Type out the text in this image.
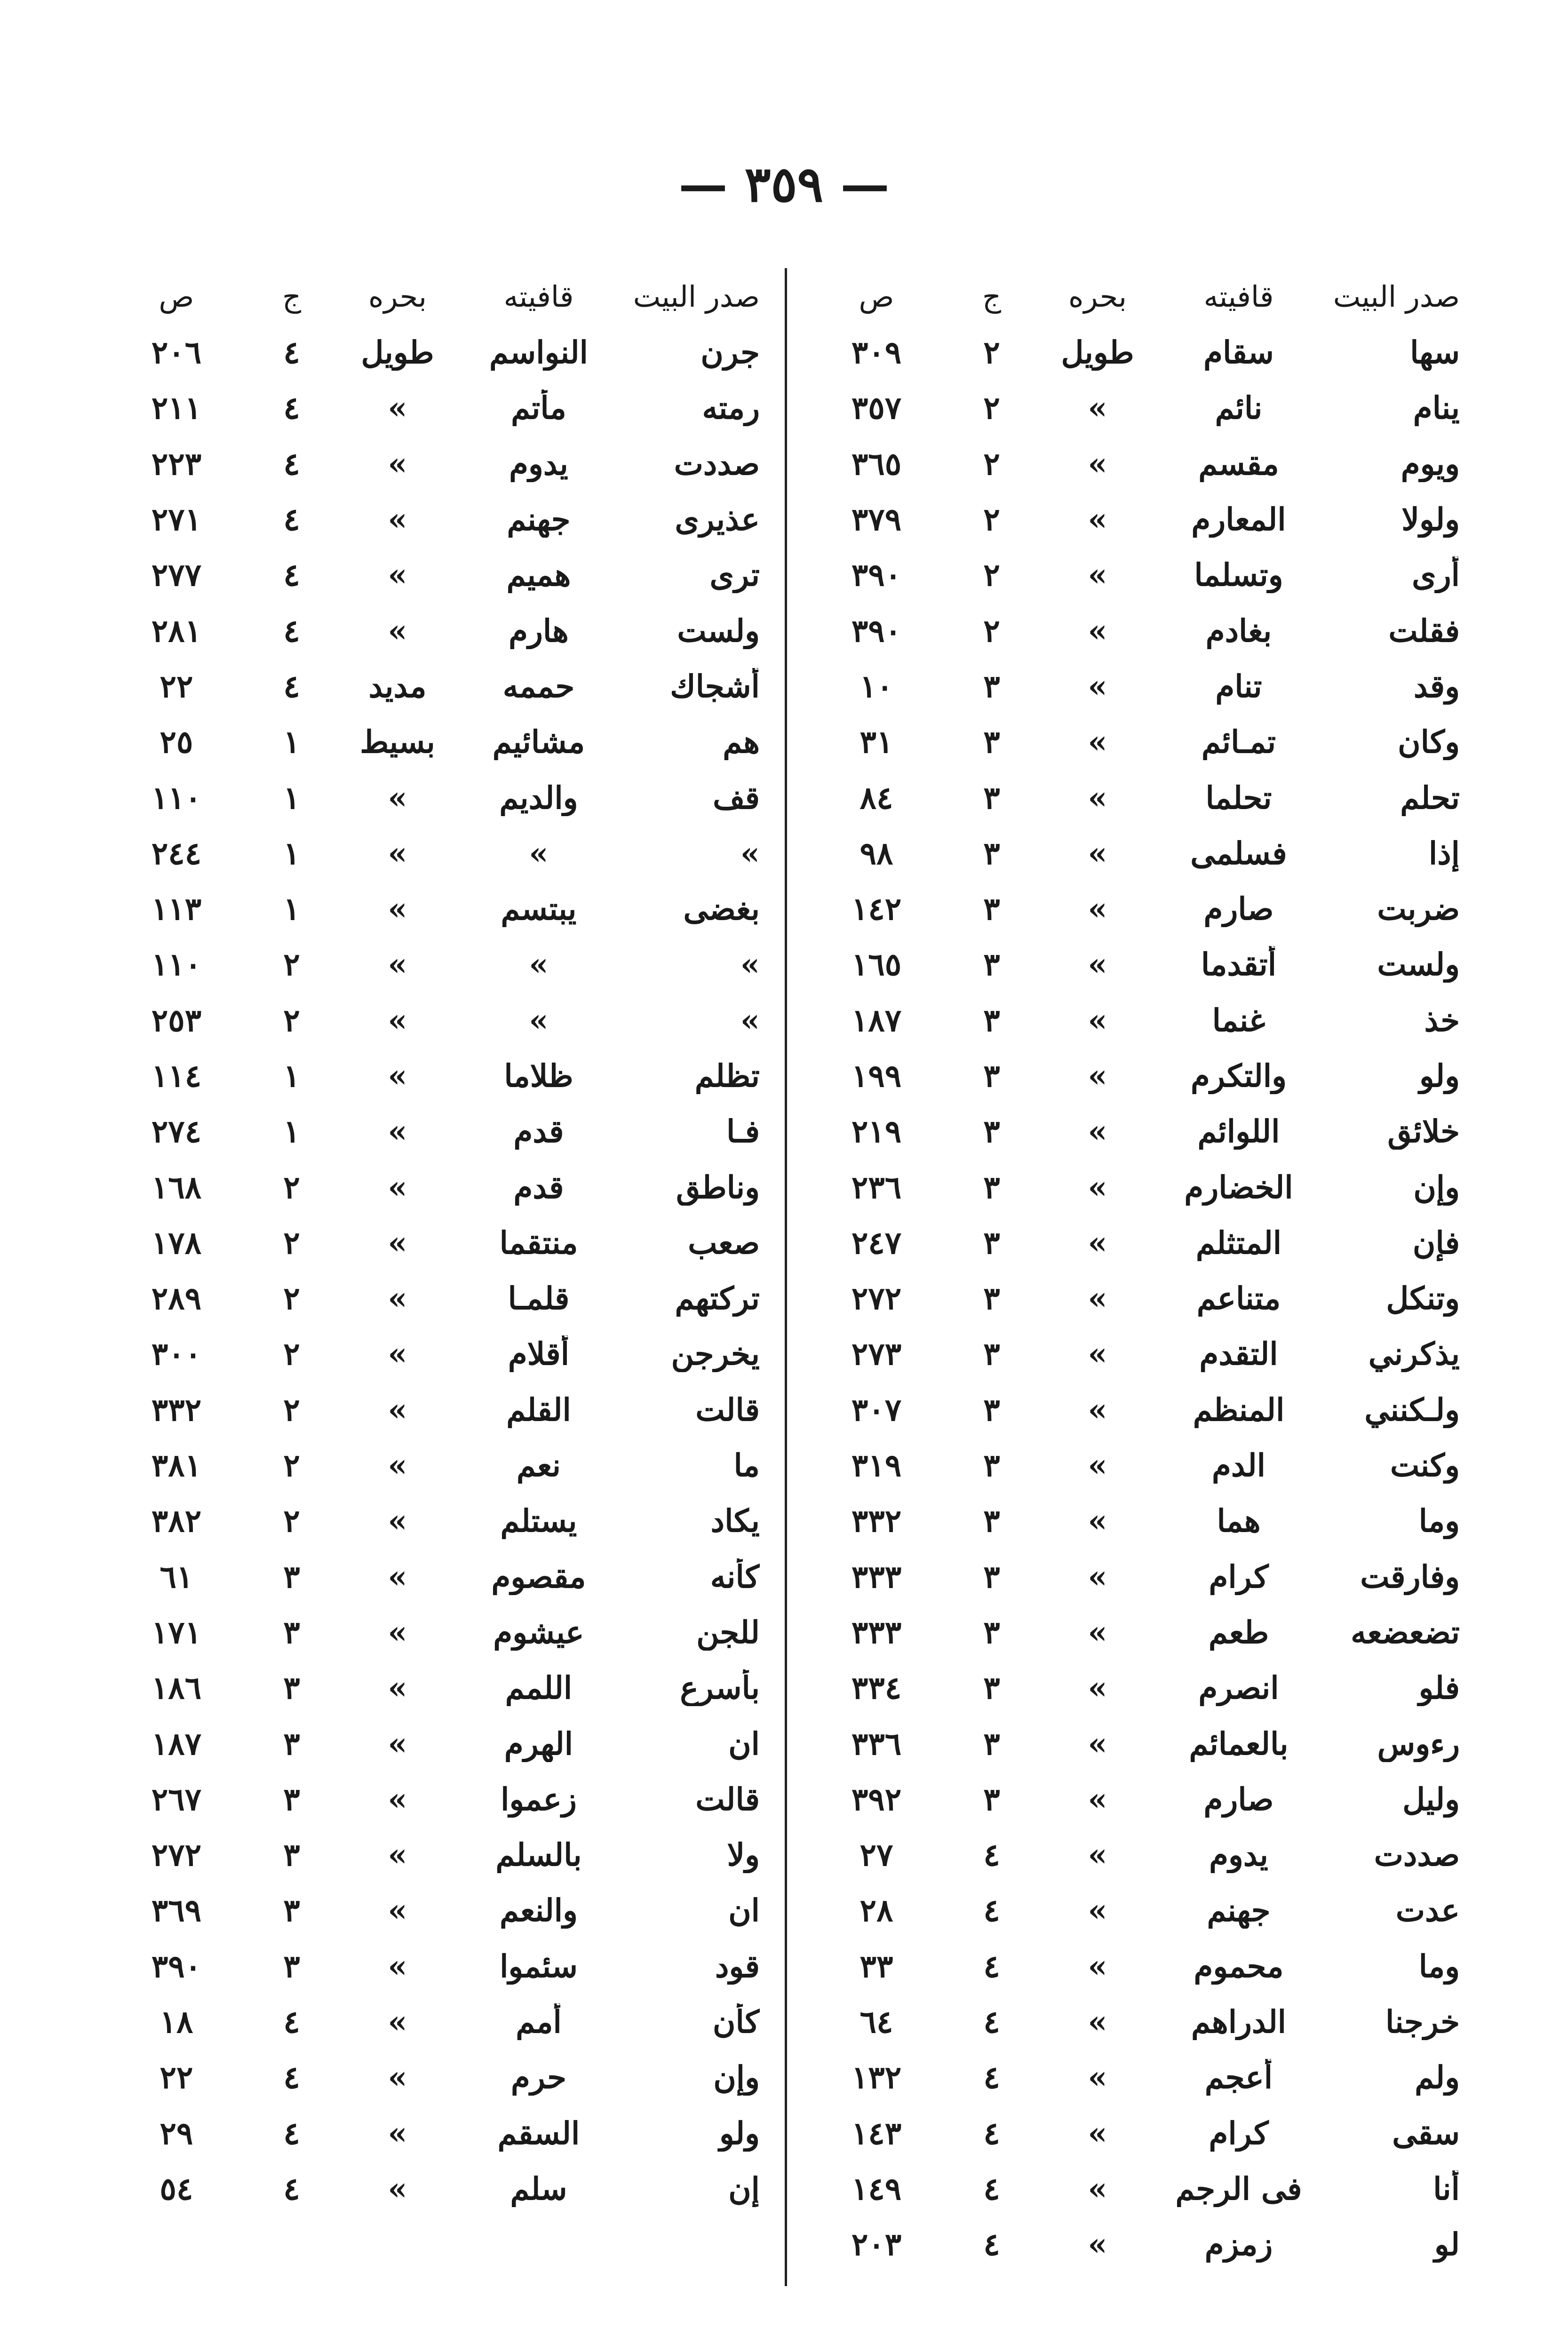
— ٣٥٩ —
صدر البيت
قافيته
بحره
ج
ص
سها
سقام
طويل
٢
٣٠٩
ينام
نائم
»
٢
٣٥٧
ويوم
مقسم
»
٢
٣٦٥
ولولا
المعارم
»
٢
٣٧٩
أرى
وتسلما
»
٢
٣٩٠
فقلت
بغادم
»
٢
٣٩٠
وقد
تنام
»
٣
١٠
وكان
تمـائم
»
٣
٣١
تحلم
تحلما
»
٣
٨٤
إذا
فسلمى
»
٣
٩٨
ضربت
صارم
»
٣
١٤٢
ولست
أتقدما
»
٣
١٦٥
خذ
غنما
»
٣
١٨٧
ولو
والتكرم
»
٣
١٩٩
خلائق
اللوائم
»
٣
٢١٩
وإن
الخضارم
»
٣
٢٣٦
فإن
المتثلم
»
٣
٢٤٧
وتنكل
متناعم
»
٣
٢٧٢
يذكرني
التقدم
»
٣
٢٧٣
ولـكنني
المنظم
»
٣
٣٠٧
وكنت
الدم
»
٣
٣١٩
وما
هما
»
٣
٣٣٢
وفارقت
كرام
»
٣
٣٣٣
تضعضعه
طعم
»
٣
٣٣٣
فلو
انصرم
»
٣
٣٣٤
رءوس
بالعمائم
»
٣
٣٣٦
وليل
صارم
»
٣
٣٩٢
صددت
يدوم
»
٤
٢٧
عدت
جهنم
»
٤
٢٨
وما
محموم
»
٤
٣٣
خرجنا
الدراهم
»
٤
٦٤
ولم
أعجم
»
٤
١٣٢
سقى
كرام
»
٤
١٤٣
أنا
فى الرجم
»
٤
١٤٩
لو
زمزم
»
٤
٢٠٣
صدر البيت
قافيته
بحره
ج
ص
جرن
النواسم
طويل
٤
٢٠٦
رمته
مأتم
»
٤
٢١١
صددت
يدوم
»
٤
٢٢٣
عذيرى
جهنم
»
٤
٢٧١
ترى
هميم
»
٤
٢٧٧
ولست
هارم
»
٤
٢٨١
أشجاك
حممه
مديد
٤
٢٢
هم
مشائيم
بسيط
١
٢٥
قف
والديم
»
١
١١٠
»
»
»
١
٢٤٤
بغضى
يبتسم
»
١
١١٣
»
»
»
٢
١١٠
»
»
»
٢
٢٥٣
تظلم
ظلاما
»
١
١١٤
فـا
قدم
»
١
٢٧٤
وناطق
قدم
»
٢
١٦٨
صعب
منتقما
»
٢
١٧٨
تركتهم
قلمـا
»
٢
٢٨٩
يخرجن
أقلام
»
٢
٣٠٠
قالت
القلم
»
٢
٣٣٢
ما
نعم
»
٢
٣٨١
يكاد
يستلم
»
٢
٣٨٢
كأنه
مقصوم
»
٣
٦١
للجن
عيشوم
»
٣
١٧١
بأسرع
اللمم
»
٣
١٨٦
ان
الهرم
»
٣
١٨٧
قالت
زعموا
»
٣
٢٦٧
ولا
بالسلم
»
٣
٢٧٢
ان
والنعم
»
٣
٣٦٩
قود
سئموا
»
٣
٣٩٠
كأن
أمم
»
٤
١٨
وإن
حرم
»
٤
٢٢
ولو
السقم
»
٤
٢٩
إن
سلم
»
٤
٥٤
